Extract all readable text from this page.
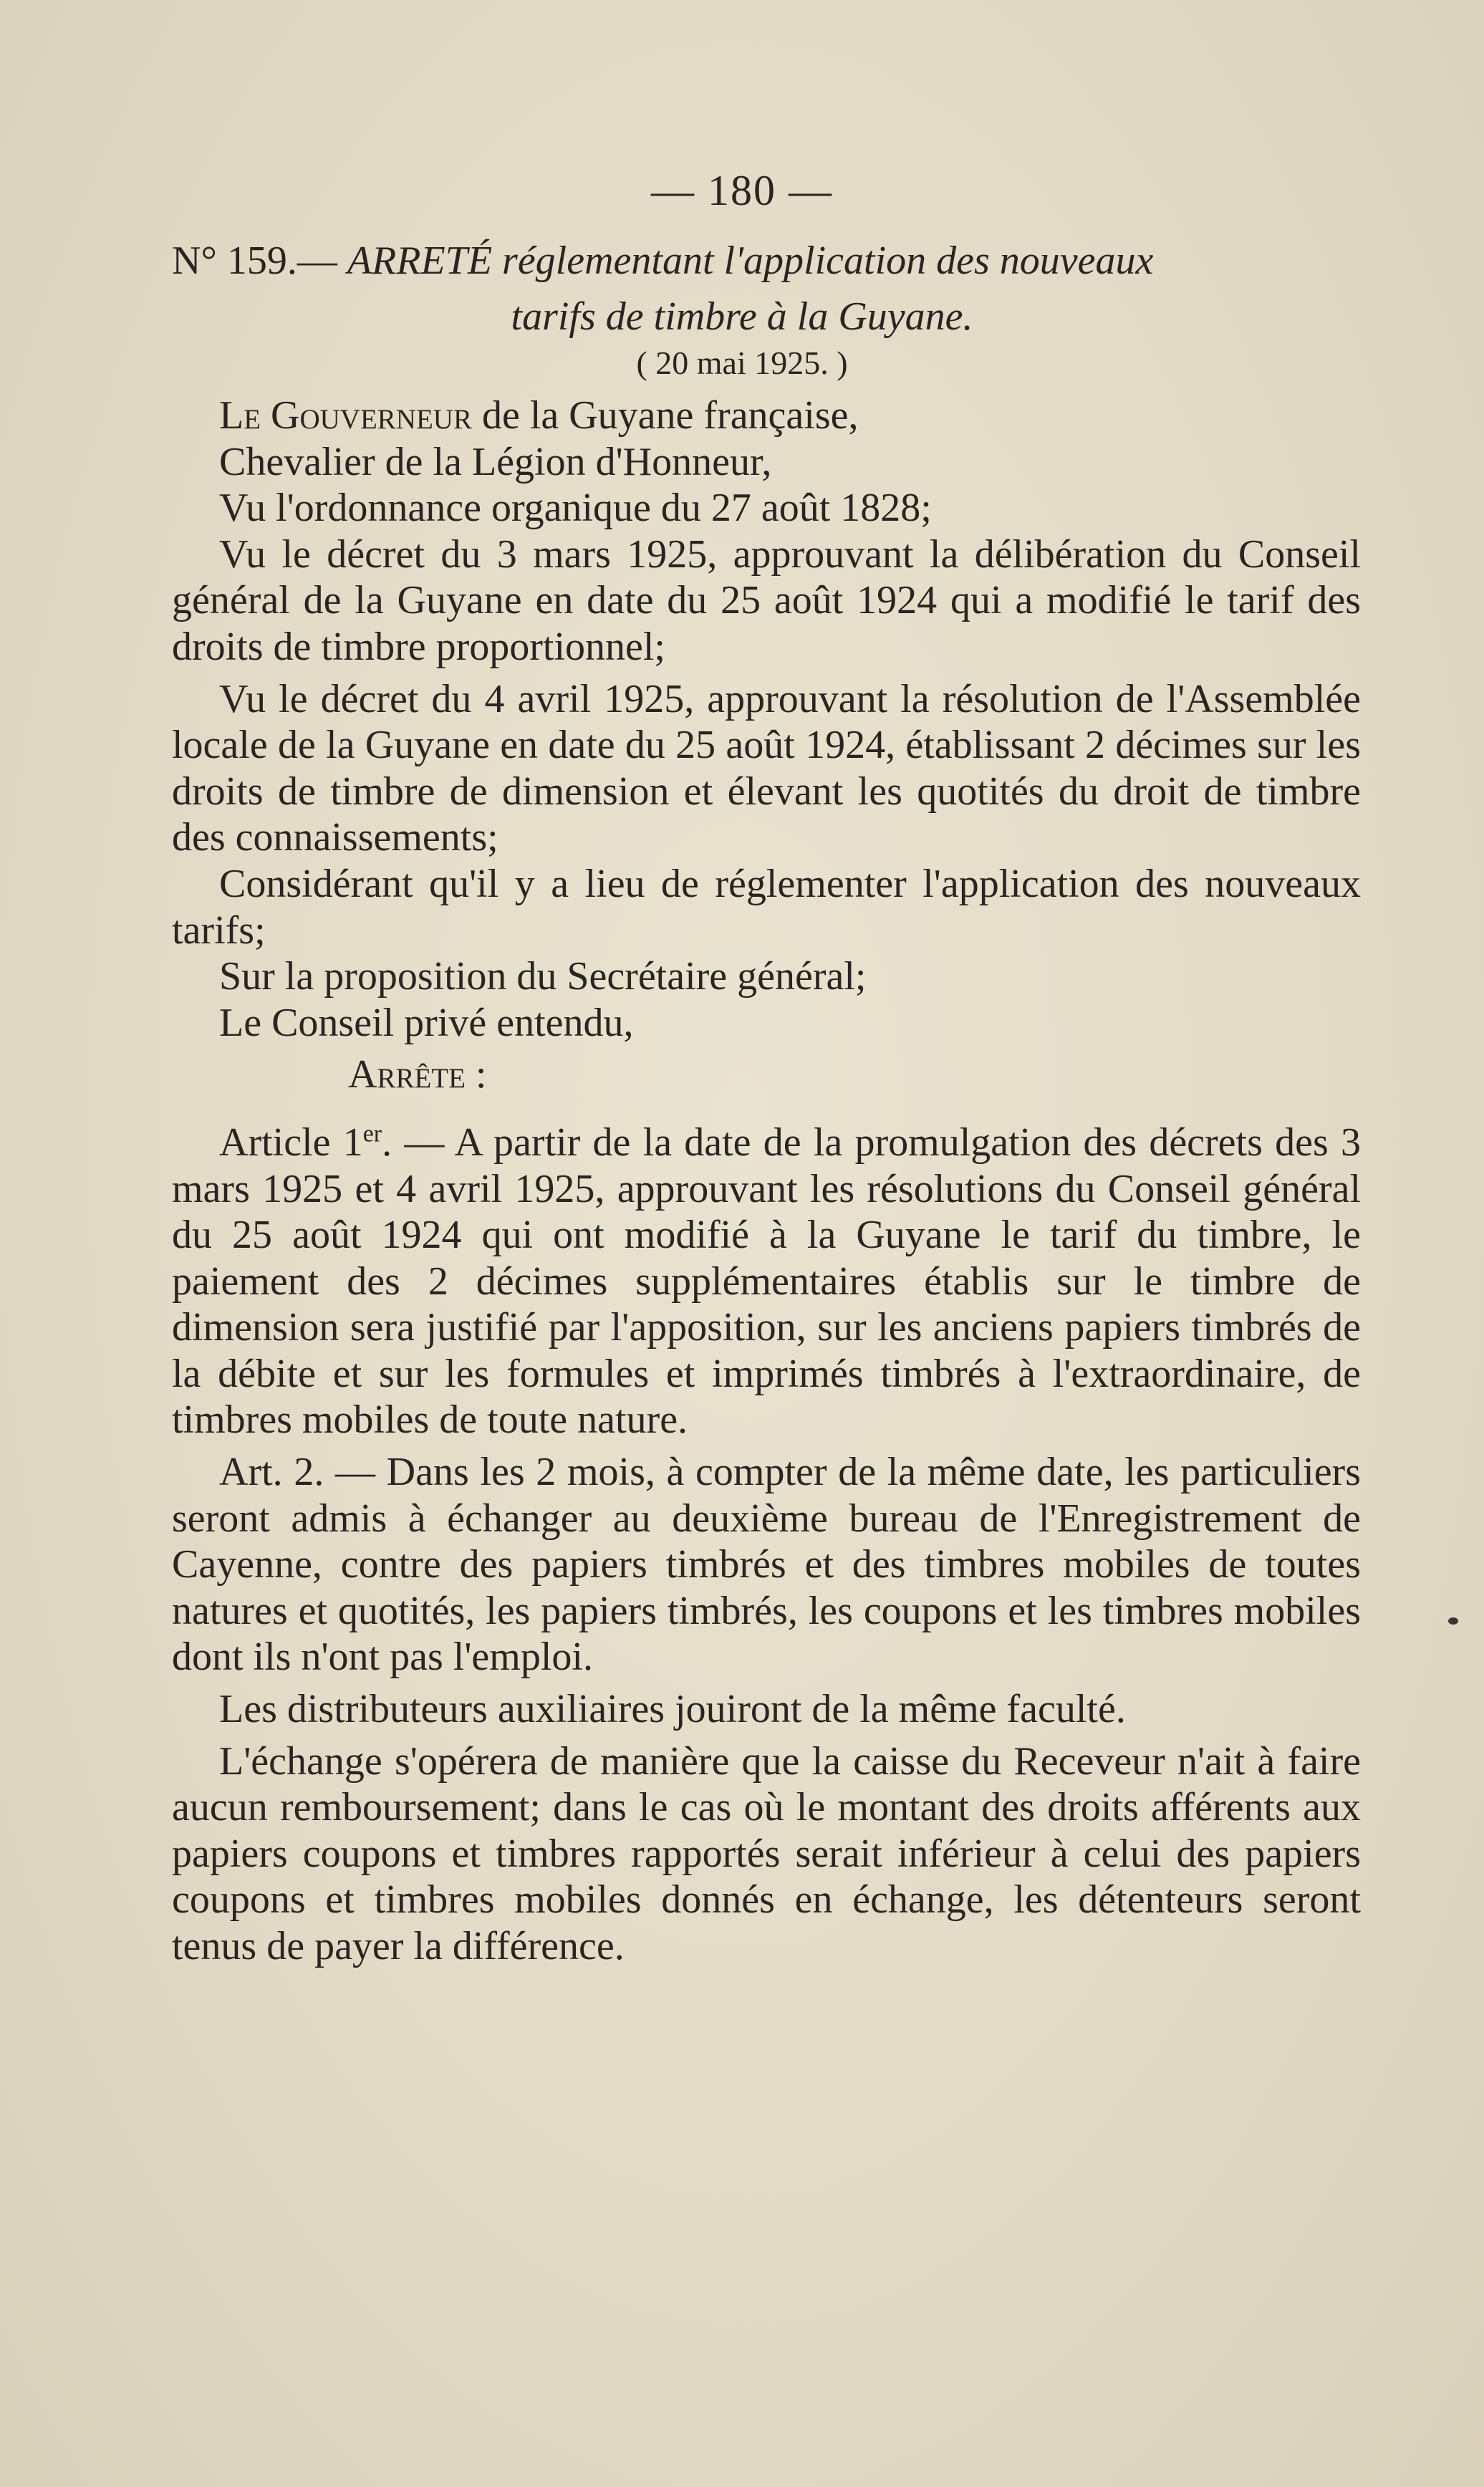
— 180 —
N° 159.— ARRETÉ réglementant l'application des nouveaux
tarifs de timbre à la Guyane.
( 20 mai 1925. )

Le Gouverneur de la Guyane française,

Chevalier de la Légion d'Honneur,

Vu l'ordonnance organique du 27 août 1828;

Vu le décret du 3 mars 1925, approuvant la délibération du Conseil général de la Guyane en date du 25 août 1924 qui a modifié le tarif des droits de timbre proportionnel;

Vu le décret du 4 avril 1925, approuvant la résolution de l'Assemblée locale de la Guyane en date du 25 août 1924, établissant 2 décimes sur les droits de timbre de dimension et élevant les quotités du droit de timbre des connaissements;

Considérant qu'il y a lieu de réglementer l'application des nouveaux tarifs;

Sur la proposition du Secrétaire général;

Le Conseil privé entendu,

Arrête :

Article 1er. — A partir de la date de la promulgation des décrets des 3 mars 1925 et 4 avril 1925, approuvant les résolutions du Conseil général du 25 août 1924 qui ont modifié à la Guyane le tarif du timbre, le paiement des 2 décimes supplémentaires établis sur le timbre de dimension sera justifié par l'apposition, sur les anciens papiers timbrés de la débite et sur les formules et imprimés timbrés à l'extraordinaire, de timbres mobiles de toute nature.

Art. 2. — Dans les 2 mois, à compter de la même date, les particuliers seront admis à échanger au deuxième bureau de l'Enregistrement de Cayenne, contre des papiers timbrés et des timbres mobiles de toutes natures et quotités, les papiers timbrés, les coupons et les timbres mobiles dont ils n'ont pas l'emploi.

Les distributeurs auxiliaires jouiront de la même faculté.

L'échange s'opérera de manière que la caisse du Receveur n'ait à faire aucun remboursement; dans le cas où le montant des droits afférents aux papiers coupons et timbres rapportés serait inférieur à celui des papiers coupons et timbres mobiles donnés en échange, les détenteurs seront tenus de payer la différence.
